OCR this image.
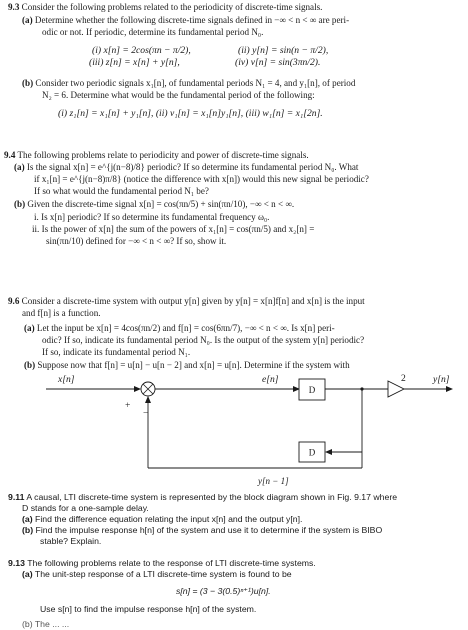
9.3 Consider the following problems related to the periodicity of discrete-time signals.
(a) Determine whether the following discrete-time signals defined in −∞ < n < ∞ are peri-
odic or not. If periodic, determine its fundamental period N₀.
(i) x[n] = 2cos(πn − π/2),	(ii) y[n] = sin(n − π/2),
(iii) z[n] = x[n] + y[n],	(iv) v[n] = sin(3πn/2).
(b) Consider two periodic signals x₁[n], of fundamental periods N₁ = 4, and y₁[n], of period
N₂ = 6. Determine what would be the fundamental period of the following:
(i) z₁[n] = x₁[n] + y₁[n], (ii) v₁[n] = x₁[n]y₁[n], (iii) w₁[n] = x₁[2n].
9.4 The following problems relate to periodicity and power of discrete-time signals.
(a) Is the signal x[n] = e^{j(n−8)/8} periodic? If so determine its fundamental period N₀. What
if x₁[n] = e^{j(n−8)π/8} (notice the difference with x[n]) would this new signal be periodic?
If so what would the fundamental period N₁ be?
(b) Given the discrete-time signal x[n] = cos(πn/5) + sin(πn/10), −∞ < n < ∞.
i. Is x[n] periodic? If so determine its fundamental frequency ω₀.
ii. Is the power of x[n] the sum of the powers of x₁[n] = cos(πn/5) and x₂[n] =
sin(πn/10) defined for −∞ < n < ∞? If so, show it.
9.6 Consider a discrete-time system with output y[n] given by y[n] = x[n]f[n] and x[n] is the input
and f[n] is a function.
(a) Let the input be x[n] = 4cos(πn/2) and f[n] = cos(6πn/7), −∞ < n < ∞. Is x[n] peri-
odic? If so, indicate its fundamental period N₀. Is the output of the system y[n] periodic?
If so, indicate its fundamental period N₁.
(b) Suppose now that f[n] = u[n] − u[n − 2] and x[n] = u[n]. Determine if the system with
x[n]	e[n]	y[n]
2
+
−
y[n − 1]
D
D
9.11 A causal, LTI discrete-time system is represented by the block diagram shown in Fig. 9.17 where
D stands for a one-sample delay.
(a) Find the difference equation relating the input x[n] and the output y[n].
(b) Find the impulse response h[n] of the system and use it to determine if the system is BIBO
stable? Explain.
9.13 The following problems relate to the response of LTI discrete-time systems.
(a) The unit-step response of a LTI discrete-time system is found to be
s[n] = (3 − 3(0.5)ⁿ⁺¹)u[n].
Use s[n] to find the impulse response h[n] of the system.
(b) The ... ...
